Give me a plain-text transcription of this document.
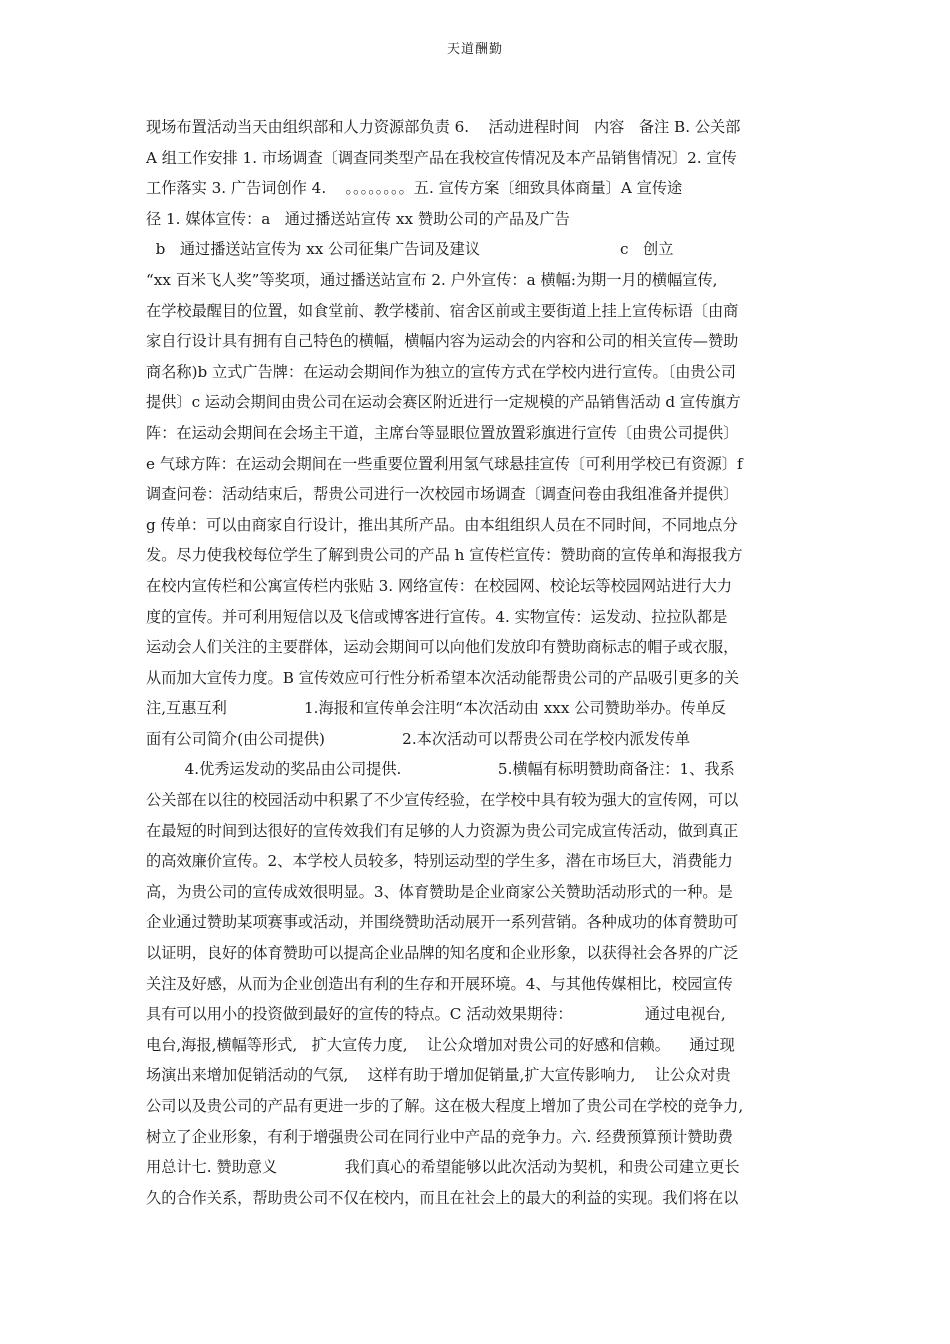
天道酬勤
现场布置活动当天由组织部和人力资源部负责 6.    活动进程时间   内容   备注 B. 公关部
A 组工作安排 1. 市场调查〔调查同类型产品在我校宣传情况及本产品销售情况〕2. 宣传
工作落实 3. 广告词创作 4.    。。。。。。。。五. 宣传方案〔细致具体商量〕A 宣传途
径 1. 媒体宣传：a   通过播送站宣传 xx 赞助公司的产品及广告
b   通过播送站宣传为 xx 公司征集广告词及建议                             c   创立
“xx 百米飞人奖”等奖项，通过播送站宣布 2. 户外宣传：a 横幅:为期一月的横幅宣传,
在学校最醒目的位置，如食堂前、教学楼前、宿舍区前或主要街道上挂上宣传标语〔由商
家自行设计具有拥有自己特色的横幅，横幅内容为运动会的内容和公司的相关宣传—赞助
商名称)b 立式广告牌：在运动会期间作为独立的宣传方式在学校内进行宣传。〔由贵公司
提供〕c 运动会期间由贵公司在运动会赛区附近进行一定规模的产品销售活动 d 宣传旗方
阵：在运动会期间在会场主干道，主席台等显眼位置放置彩旗进行宣传〔由贵公司提供〕
e 气球方阵：在运动会期间在一些重要位置利用氢气球悬挂宣传〔可利用学校已有资源〕f
调查问卷：活动结束后，帮贵公司进行一次校园市场调查〔调查问卷由我组准备并提供〕
g 传单：可以由商家自行设计，推出其所产品。由本组组织人员在不同时间，不同地点分
发。尽力使我校每位学生了解到贵公司的产品 h 宣传栏宣传：赞助商的宣传单和海报我方
在校内宣传栏和公寓宣传栏内张贴 3. 网络宣传：在校园网、校论坛等校园网站进行大力
度的宣传。并可利用短信以及飞信或博客进行宣传。4. 实物宣传：运发动、拉拉队都是
运动会人们关注的主要群体，运动会期间可以向他们发放印有赞助商标志的帽子或衣服，
从而加大宣传力度。B 宣传效应可行性分析希望本次活动能帮贵公司的产品吸引更多的关
注,互惠互利                1.海报和宣传单会注明“本次活动由 xxx 公司赞助举办。传单反
面有公司简介(由公司提供)                2.本次活动可以帮贵公司在学校内派发传单
4.优秀运发动的奖品由公司提供.                    5.横幅有标明赞助商备注：1、我系
公关部在以往的校园活动中积累了不少宣传经验，在学校中具有较为强大的宣传网，可以
在最短的时间到达很好的宣传效我们有足够的人力资源为贵公司完成宣传活动，做到真正
的高效廉价宣传。2、本学校人员较多，特别运动型的学生多，潜在市场巨大，消费能力
高，为贵公司的宣传成效很明显。3、体育赞助是企业商家公关赞助活动形式的一种。是
企业通过赞助某项赛事或活动，并围绕赞助活动展开一系列营销。各种成功的体育赞助可
以证明，良好的体育赞助可以提高企业品牌的知名度和企业形象，以获得社会各界的广泛
关注及好感，从而为企业创造出有利的生存和开展环境。4、与其他传媒相比，校园宣传
具有可以用小的投资做到最好的宣传的特点。C 活动效果期待：               通过电视台,
电台,海报,横幅等形式,   扩大宣传力度,    让公众增加对贵公司的好感和信赖。    通过现
场演出来增加促销活动的气氛,    这样有助于增加促销量,扩大宣传影响力,    让公众对贵
公司以及贵公司的产品有更进一步的了解。这在极大程度上增加了贵公司在学校的竞争力,
树立了企业形象，有利于增强贵公司在同行业中产品的竞争力。六. 经费预算预计赞助费
用总计七. 赞助意义              我们真心的希望能够以此次活动为契机，和贵公司建立更长
久的合作关系，帮助贵公司不仅在校内，而且在社会上的最大的利益的实现。我们将在以
